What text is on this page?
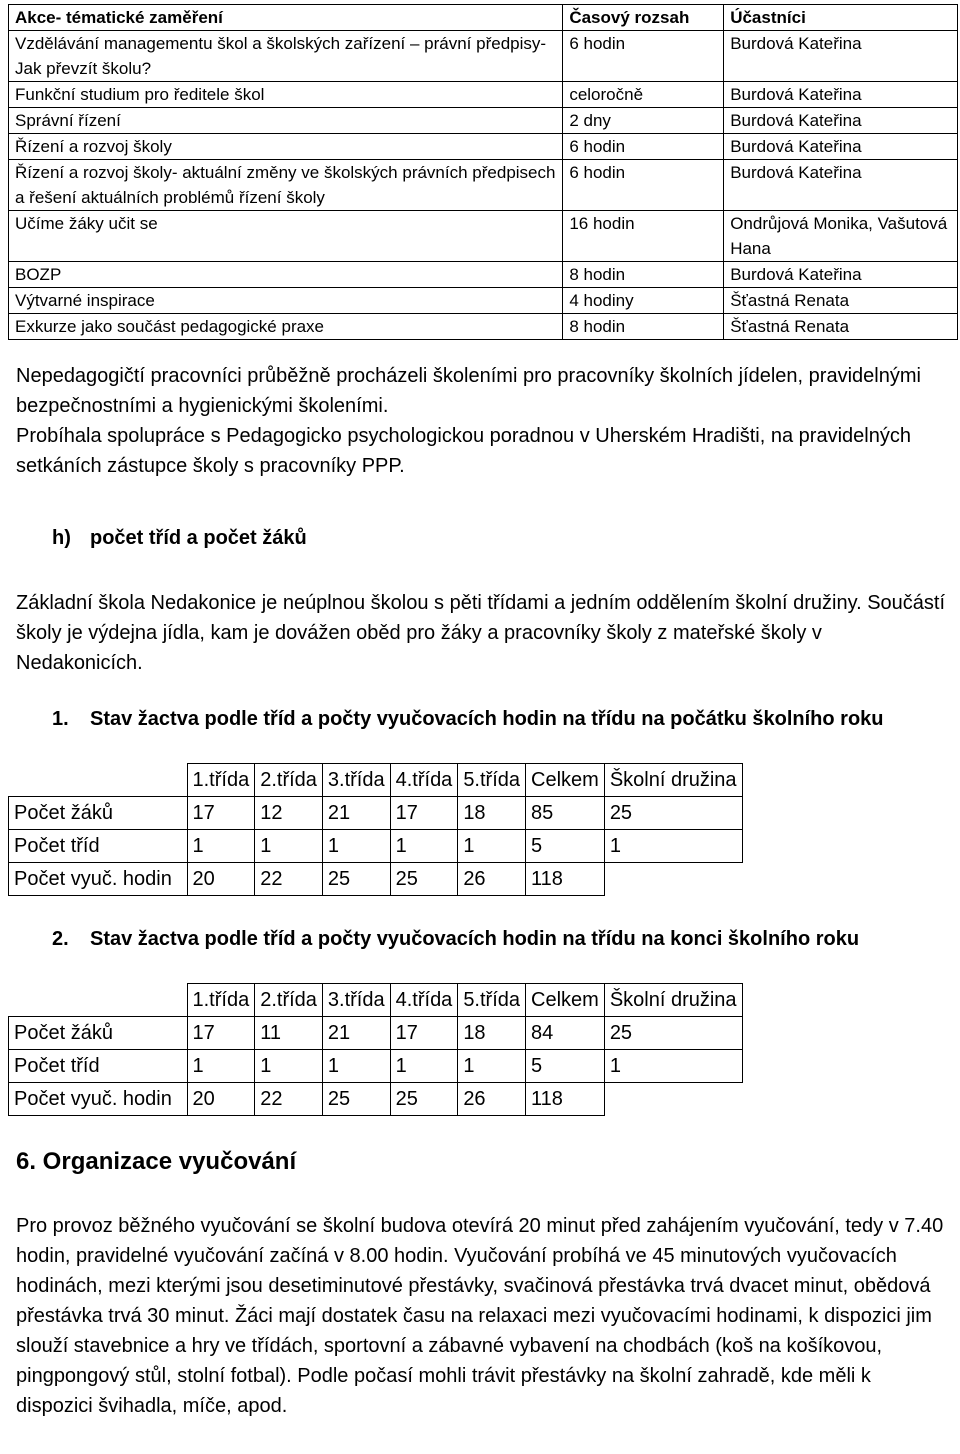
Akce- tématické zaměření	Časový rozsah	Účastníci
Vzdělávání managementu škol a školských zařízení – právní předpisy- Jak převzít školu?	6 hodin	Burdová Kateřina
Funkční studium pro ředitele škol	celoročně	Burdová Kateřina
Správní řízení	2 dny	Burdová Kateřina
Řízení a rozvoj školy	6 hodin	Burdová Kateřina
Řízení a rozvoj školy- aktuální změny ve školských právních předpisech a řešení aktuálních problémů řízení školy	6 hodin	Burdová Kateřina
Učíme žáky učit se	16 hodin	Ondrůjová Monika, Vašutová Hana
BOZP	8 hodin	Burdová Kateřina
Výtvarné inspirace	4 hodiny	Šťastná Renata
Exkurze jako součást pedagogické praxe	8 hodin	Šťastná Renata

Nepedagogičtí pracovníci průběžně procházeli školeními pro pracovníky školních jídelen, pravidelnými bezpečnostními a hygienickými školeními.

Probíhala spolupráce s Pedagogicko psychologickou poradnou v Uherském Hradišti, na pravidelných setkáních zástupce školy s pracovníky PPP.

h) počet tříd a počet žáků

Základní škola Nedakonice je neúplnou školou s pěti třídami a jedním oddělením školní družiny. Součástí školy je výdejna jídla, kam je dovážen oběd pro žáky a pracovníky školy z mateřské školy v Nedakonicích.

1. Stav žactva podle tříd a počty vyučovacích hodin na třídu na počátku školního roku
	1.třída	2.třída	3.třída	4.třída	5.třída	Celkem	Školní družina
Počet žáků	17	12	21	17	18	85	25
Počet tříd	1	1	1	1	1	5	1
Počet vyuč. hodin	20	22	25	25	26	118	
2. Stav žactva podle tříd a počty vyučovacích hodin na třídu na konci školního roku
	1.třída	2.třída	3.třída	4.třída	5.třída	Celkem	Školní družina
Počet žáků	17	11	21	17	18	84	25
Počet tříd	1	1	1	1	1	5	1
Počet vyuč. hodin	20	22	25	25	26	118	
6. Organizace vyučování

Pro provoz běžného vyučování se školní budova otevírá 20 minut před zahájením vyučování, tedy v 7.40 hodin, pravidelné vyučování začíná v 8.00 hodin. Vyučování probíhá ve 45 minutových vyučovacích hodinách, mezi kterými jsou desetiminutové přestávky, svačinová přestávka trvá dvacet minut, obědová přestávka trvá 30 minut. Žáci mají dostatek času na relaxaci mezi vyučovacími hodinami, k dispozici jim slouží stavebnice a hry ve třídách, sportovní a zábavné vybavení na chodbách (koš na košíkovou, pingpongový stůl, stolní fotbal). Podle počasí mohli trávit přestávky na školní zahradě, kde měli k dispozici švihadla, míče, apod.
